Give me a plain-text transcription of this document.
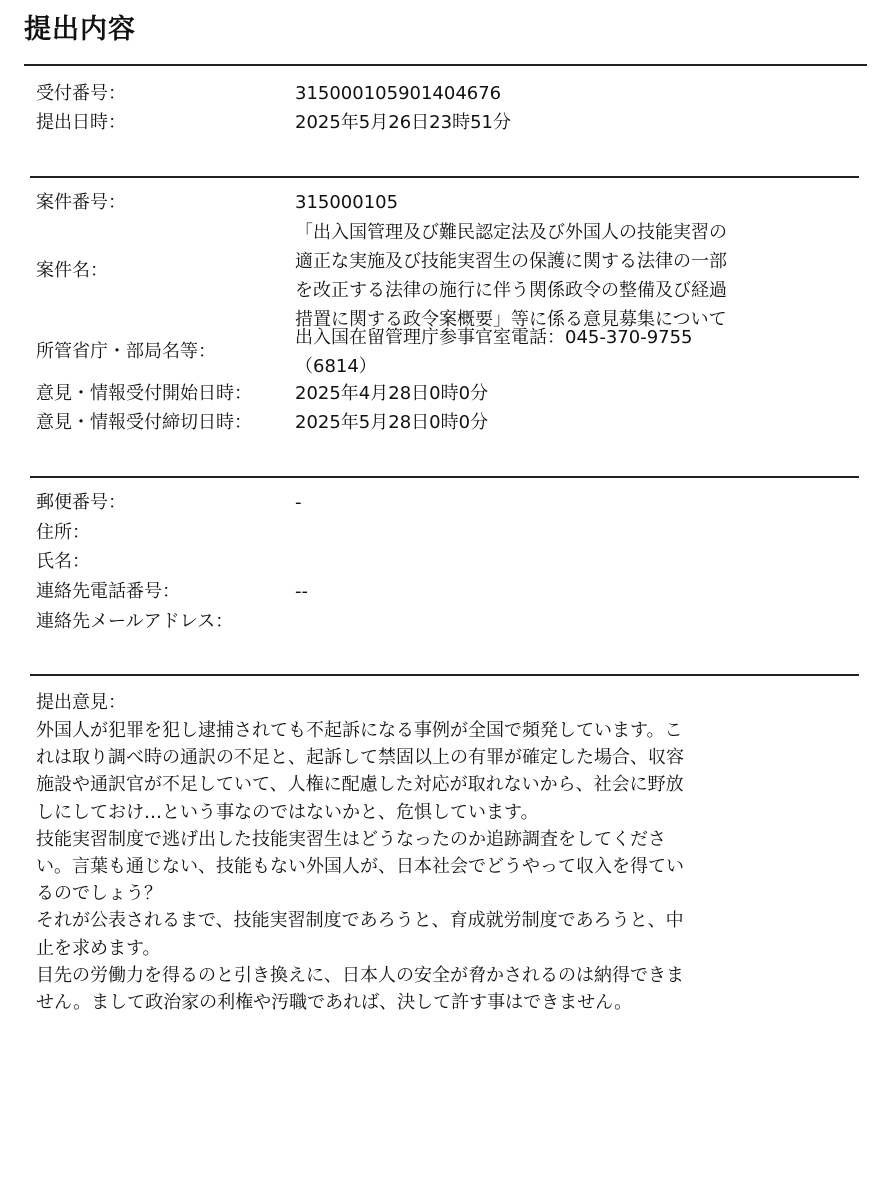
提出内容
受付番号：	315000105901404676
提出日時：	2025年5月26日23時51分
案件番号：	315000105
案件名：
「出入国管理及び難民認定法及び外国人の技能実習の
適正な実施及び技能実習生の保護に関する法律の一部
を改正する法律の施行に伴う関係政令の整備及び経過
措置に関する政令案概要」等に係る意見募集について
所管省庁・部局名等：
出入国在留管理庁参事官室電話：045-370-9755
（6814）
意見・情報受付開始日時： 2025年4月28日0時0分
意見・情報受付締切日時： 2025年5月28日0時0分
郵便番号：	-
住所：
氏名：
連絡先電話番号：	--
連絡先メールアドレス：
提出意見：
外国人が犯罪を犯し逮捕されても不起訴になる事例が全国で頻発しています。こ
れは取り調べ時の通訳の不足と、起訴して禁固以上の有罪が確定した場合、収容
施設や通訳官が不足していて、人権に配慮した対応が取れないから、社会に野放
しにしておけ…という事なのではないかと、危惧しています。
技能実習制度で逃げ出した技能実習生はどうなったのか追跡調査をしてくださ
い。言葉も通じない、技能もない外国人が、日本社会でどうやって収入を得てい
るのでしょう？
それが公表されるまで、技能実習制度であろうと、育成就労制度であろうと、中
止を求めます。
目先の労働力を得るのと引き換えに、日本人の安全が脅かされるのは納得できま
せん。まして政治家の利権や汚職であれば、決して許す事はできません。
